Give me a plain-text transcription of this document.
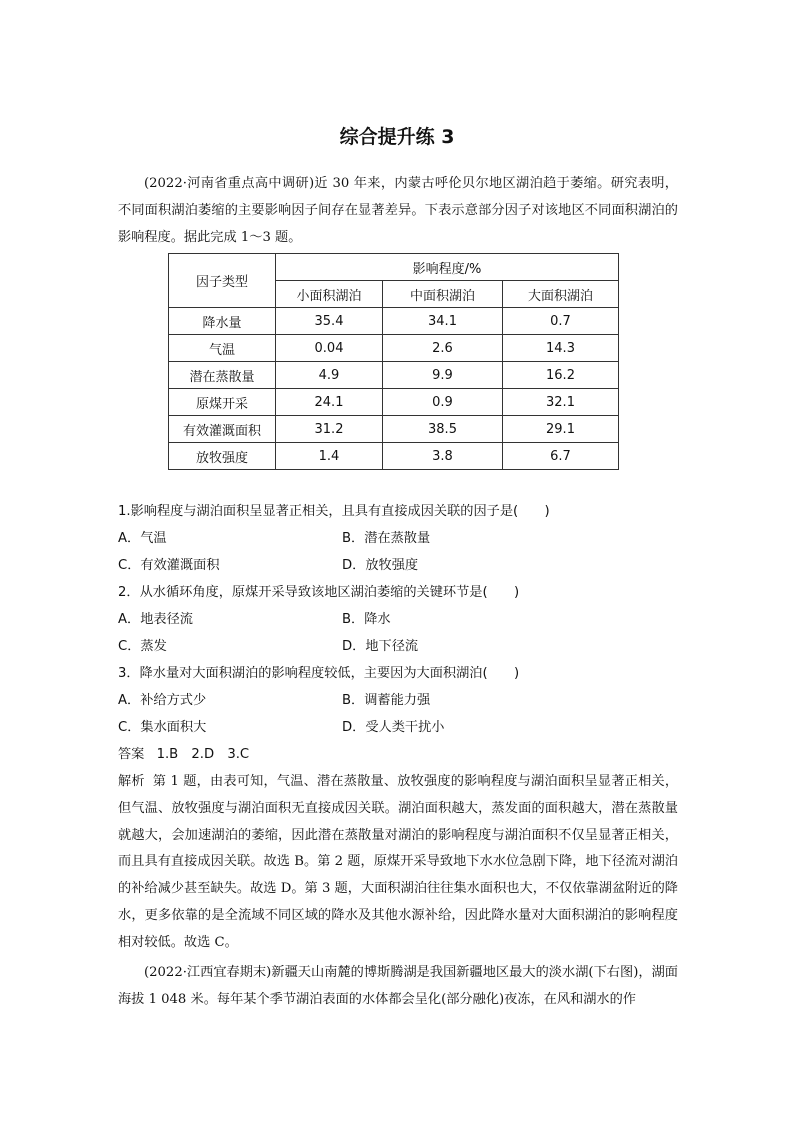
综合提升练 3
(2022·河南省重点高中调研)近 30 年来，内蒙古呼伦贝尔地区湖泊趋于萎缩。研究表明，不同面积湖泊萎缩的主要影响因子间存在显著差异。下表示意部分因子对该地区不同面积湖泊的影响程度。据此完成 1～3 题。
因子类型	影响程度/%		
	小面积湖泊	中面积湖泊	大面积湖泊
降水量	35.4	34.1	0.7
气温	0.04	2.6	14.3
潜在蒸散量	4.9	9.9	16.2
原煤开采	24.1	0.9	32.1
有效灌溉面积	31.2	38.5	29.1
放牧强度	1.4	3.8	6.7
1.影响程度与湖泊面积呈显著正相关，且具有直接成因关联的因子是(　　)
A．气温	B．潜在蒸散量
C．有效灌溉面积	D．放牧强度
2．从水循环角度，原煤开采导致该地区湖泊萎缩的关键环节是(　　)
A．地表径流	B．降水
C．蒸发	D．地下径流
3．降水量对大面积湖泊的影响程度较低，主要因为大面积湖泊(　　)
A．补给方式少	B．调蓄能力强
C．集水面积大	D．受人类干扰小
答案 1.B　2.D　3.C
解析 第 1 题，由表可知，气温、潜在蒸散量、放牧强度的影响程度与湖泊面积呈显著正相关，但气温、放牧强度与湖泊面积无直接成因关联。湖泊面积越大，蒸发面的面积越大，潜在蒸散量就越大，会加速湖泊的萎缩，因此潜在蒸散量对湖泊的影响程度与湖泊面积不仅呈显著正相关，而且具有直接成因关联。故选 B。第 2 题，原煤开采导致地下水水位急剧下降，地下径流对湖泊的补给减少甚至缺失。故选 D。第 3 题，大面积湖泊往往集水面积也大，不仅依靠湖盆附近的降水，更多依靠的是全流域不同区域的降水及其他水源补给，因此降水量对大面积湖泊的影响程度相对较低。故选 C。
(2022·江西宜春期末)新疆天山南麓的博斯腾湖是我国新疆地区最大的淡水湖(下右图)，湖面海拔 1 048 米。每年某个季节湖泊表面的水体都会呈化(部分融化)夜冻，在风和湖水的作
